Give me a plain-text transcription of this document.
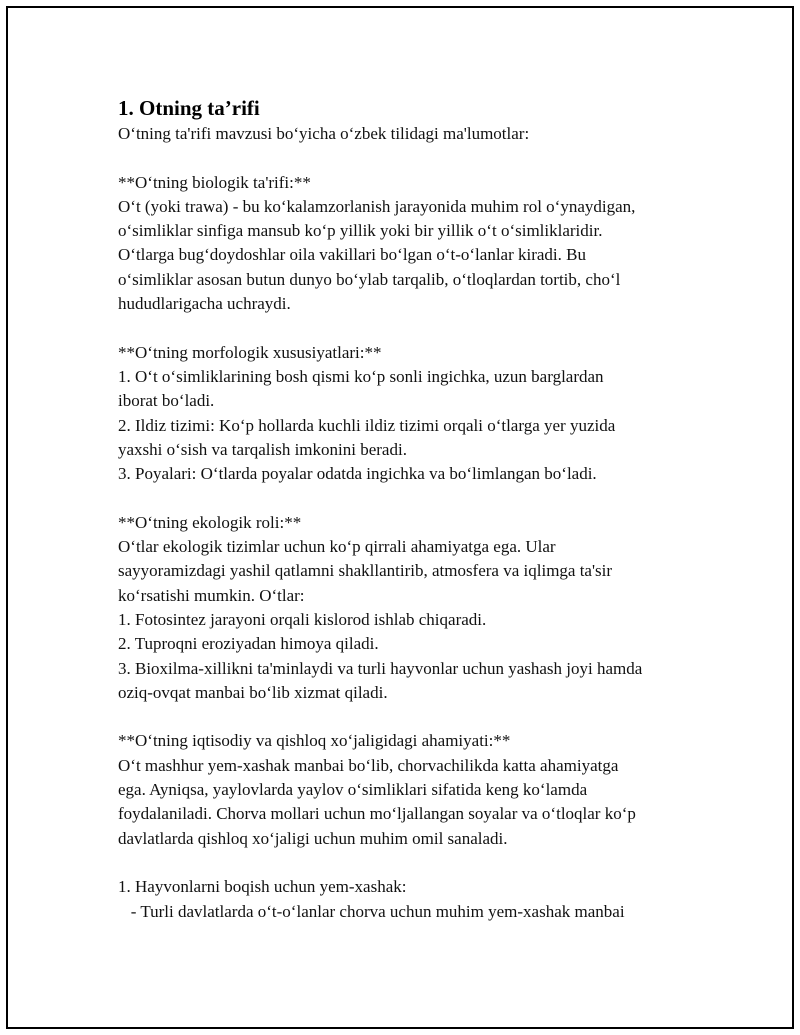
1. Otning ta’rifi

O‘tning ta'rifi mavzusi bo‘yicha o‘zbek tilidagi ma'lumotlar:

**O‘tning biologik ta'rifi:**

O‘t (yoki trawa) - bu ko‘kalamzorlanish jarayonida muhim rol o‘ynaydigan,

o‘simliklar sinfiga mansub ko‘p yillik yoki bir yillik o‘t o‘simliklaridir.

O‘tlarga bug‘doydoshlar oila vakillari bo‘lgan o‘t-o‘lanlar kiradi. Bu

o‘simliklar asosan butun dunyo bo‘ylab tarqalib, o‘tloqlardan tortib, cho‘l

hududlarigacha uchraydi.

**O‘tning morfologik xususiyatlari:**

1. O‘t o‘simliklarining bosh qismi ko‘p sonli ingichka, uzun barglardan

iborat bo‘ladi.

2. Ildiz tizimi: Ko‘p hollarda kuchli ildiz tizimi orqali o‘tlarga yer yuzida

yaxshi o‘sish va tarqalish imkonini beradi.

3. Poyalari: O‘tlarda poyalar odatda ingichka va bo‘limlangan bo‘ladi.

**O‘tning ekologik roli:**

O‘tlar ekologik tizimlar uchun ko‘p qirrali ahamiyatga ega. Ular

sayyoramizdagi yashil qatlamni shakllantirib, atmosfera va iqlimga ta'sir

ko‘rsatishi mumkin. O‘tlar:

1. Fotosintez jarayoni orqali kislorod ishlab chiqaradi.

2. Tuproqni eroziyadan himoya qiladi.

3. Bioxilma-xillikni ta'minlaydi va turli hayvonlar uchun yashash joyi hamda

oziq-ovqat manbai bo‘lib xizmat qiladi.

**O‘tning iqtisodiy va qishloq xo‘jaligidagi ahamiyati:**

O‘t mashhur yem-xashak manbai bo‘lib, chorvachilikda katta ahamiyatga

ega. Ayniqsa, yaylovlarda yaylov o‘simliklari sifatida keng ko‘lamda

foydalaniladi. Chorva mollari uchun mo‘ljallangan soyalar va o‘tloqlar ko‘p

davlatlarda qishloq xo‘jaligi uchun muhim omil sanaladi.

1. Hayvonlarni boqish uchun yem-xashak:

- Turli davlatlarda o‘t-o‘lanlar chorva uchun muhim yem-xashak manbai
